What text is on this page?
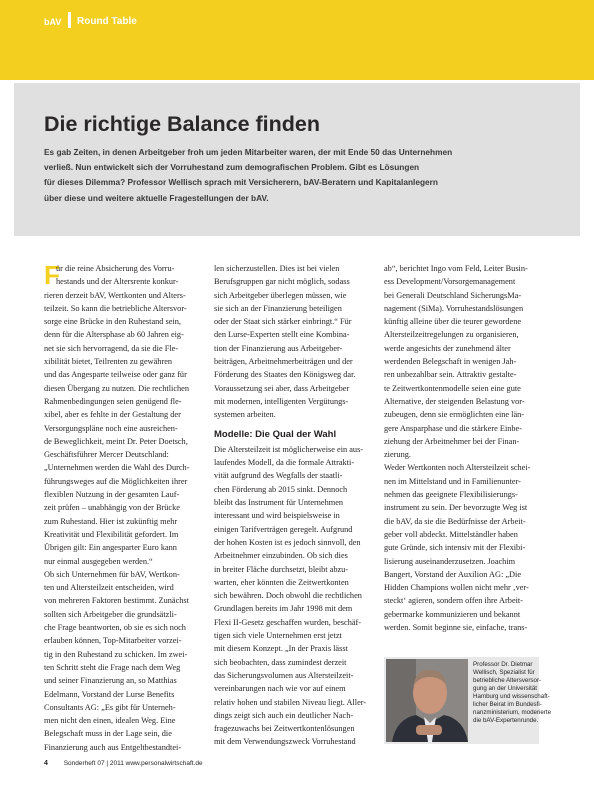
bAV Round Table
Die richtige Balance finden
Es gab Zeiten, in denen Arbeitgeber froh um jeden Mitarbeiter waren, der mit Ende 50 das Unternehmen
verließ. Nun entwickelt sich der Vorruhestand zum demografischen Problem. Gibt es Lösungen
für dieses Dilemma? Professor Wellisch sprach mit Versicherern, bAV-Beratern und Kapitalanlegern
über diese und weitere aktuelle Fragestellungen der bAV.
F
ür die reine Absicherung des Vorru-
hestands und der Altersrente konkur-
rieren derzeit bAV, Wertkonten und Alters-
teilzeit. So kann die betriebliche Altersvor-
sorge eine Brücke in den Ruhestand sein,
denn für die Altersphase ab 60 Jahren eig-
net sie sich hervorragend, da sie die Fle-
xibilität bietet, Teilrenten zu gewähren
und das Angesparte teilweise oder ganz für
diesen Übergang zu nutzen. Die rechtlichen
Rahmenbedingungen seien genügend fle-
xibel, aber es fehlte in der Gestaltung der
Versorgungspläne noch eine ausreichen-
de Beweglichkeit, meint Dr. Peter Doetsch,
Geschäftsführer Mercer Deutschland:
„Unternehmen werden die Wahl des Durch-
führungsweges auf die Möglichkeiten ihrer
flexiblen Nutzung in der gesamten Lauf-
zeit prüfen – unabhängig von der Brücke
zum Ruhestand. Hier ist zukünftig mehr
Kreativität und Flexibilität gefordert. Im
Übrigen gilt: Ein angesparter Euro kann
nur einmal ausgegeben werden.“
Ob sich Unternehmen für bAV, Wertkon-
ten und Altersteilzeit entscheiden, wird
von mehreren Faktoren bestimmt. Zunächst
sollten sich Arbeitgeber die grundsätzli-
che Frage beantworten, ob sie es sich noch
erlauben können, Top-Mitarbeiter vorzei-
tig in den Ruhestand zu schicken. Im zwei-
ten Schritt steht die Frage nach dem Weg
und seiner Finanzierung an, so Matthias
Edelmann, Vorstand der Lurse Benefits
Consultants AG: „Es gibt für Unterneh-
men nicht den einen, idealen Weg. Eine
Belegschaft muss in der Lage sein, die
Finanzierung auch aus Entgeltbestandtei-
len sicherzustellen. Dies ist bei vielen
Berufsgruppen gar nicht möglich, sodass
sich Arbeitgeber überlegen müssen, wie
sie sich an der Finanzierung beteiligen
oder der Staat sich stärker einbringt.“ Für
den Lurse-Experten stellt eine Kombina-
tion der Finanzierung aus Arbeitgeber-
beiträgen, Arbeitnehmerbeiträgen und der
Förderung des Staates den Königsweg dar.
Voraussetzung sei aber, dass Arbeitgeber
mit modernen, intelligenten Vergütungs-
systemen arbeiten.
Modelle: Die Qual der Wahl
Die Altersteilzeit ist möglicherweise ein aus-
laufendes Modell, da die formale Attrakti-
vität aufgrund des Wegfalls der staatli-
chen Förderung ab 2015 sinkt. Dennoch
bleibt das Instrument für Unternehmen
interessant und wird beispielsweise in
einigen Tarifverträgen geregelt. Aufgrund
der hohen Kosten ist es jedoch sinnvoll, den
Arbeitnehmer einzubinden. Ob sich dies
in breiter Fläche durchsetzt, bleibt abzu-
warten, eher könnten die Zeitwertkonten
sich bewähren. Doch obwohl die rechtlichen
Grundlagen bereits im Jahr 1998 mit dem
Flexi II-Gesetz geschaffen wurden, beschäf-
tigen sich viele Unternehmen erst jetzt
mit diesem Konzept. „In der Praxis lässt
sich beobachten, dass zumindest derzeit
das Sicherungsvolumen aus Altersteilzeit-
vereinbarungen nach wie vor auf einem
relativ hohen und stabilen Niveau liegt. Aller-
dings zeigt sich auch ein deutlicher Nach-
fragezuwachs bei Zeitwertkontenlösungen
mit dem Verwendungszweck Vorruhestand
ab“, berichtet Ingo vom Feld, Leiter Busin-
ess Development/Vorsorgemanagement
bei Generali Deutschland SicherungsMa-
nagement (SiMa). Vorruhestandslösungen
künftig alleine über die teurer gewordene
Altersteilzeitregelungen zu organisieren,
werde angesichts der zunehmend älter
werdenden Belegschaft in wenigen Jah-
ren unbezahlbar sein. Attraktiv gestalte-
te Zeitwertkontenmodelle seien eine gute
Alternative, der steigenden Belastung vor-
zubeugen, denn sie ermöglichten eine län-
gere Ansparphase und die stärkere Einbe-
ziehung der Arbeitnehmer bei der Finan-
zierung.
Weder Wertkonten noch Altersteilzeit schei-
nen im Mittelstand und in Familienunter-
nehmen das geeignete Flexibilisierungs-
instrument zu sein. Der bevorzugte Weg ist
die bAV, da sie die Bedürfnisse der Arbeit-
geber voll abdeckt. Mittelständler haben
gute Gründe, sich intensiv mit der Flexibi-
lisierung auseinanderzusetzen. Joachim
Bangert, Vorstand der Auxilion AG: „Die
Hidden Champions wollen nicht mehr ‚ver-
steckt‘ agieren, sondern offen ihre Arbeit-
gebermarke kommunizieren und bekannt
werden. Somit beginne sie, einfache, trans-
Professor Dr. Dietmar
Wellisch, Spezialist für
betriebliche Altersversor-
gung an der Universität
Hamburg und wissenschaft-
licher Beirat im Bundesfi-
nanzministerium, moderierte
die bAV-Expertenrunde.
4 Sonderheft 07 | 2011 www.personalwirtschaft.de
